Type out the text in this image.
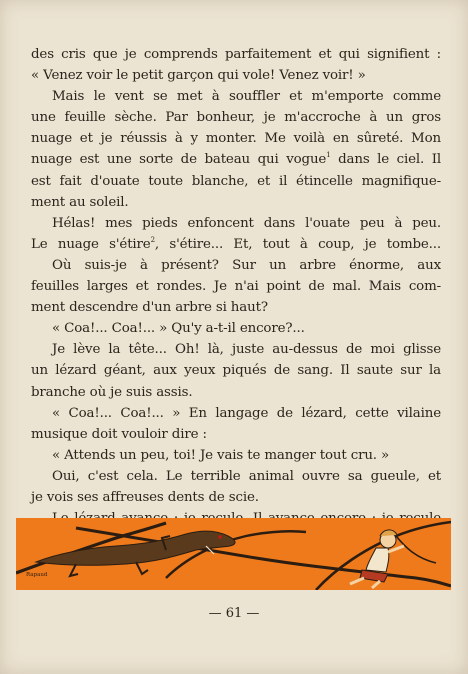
des cris que je comprends parfaitement et qui signifient :
« Venez voir le petit garçon qui vole! Venez voir! »
Mais le vent se met à souffler et m'emporte comme
une feuille sèche. Par bonheur, je m'accroche à un gros
nuage et je réussis à y monter. Me voilà en sûreté. Mon
nuage est une sorte de bateau qui vogue$^1$ dans le ciel. Il
est fait d'ouate toute blanche, et il étincelle magnifique-
ment au soleil.
Hélas! mes pieds enfoncent dans l'ouate peu à peu.
Le nuage s'étire$^2$, s'étire... Et, tout à coup, je tombe...
Où suis-je à présent? Sur un arbre énorme, aux
feuilles larges et rondes. Je n'ai point de mal. Mais com-
ment descendre d'un arbre si haut?
« Coa!... Coa!... » Qu'y a-t-il encore?...
Je lève la tête... Oh! là, juste au-dessus de moi glisse
un lézard géant, aux yeux piqués de sang. Il saute sur la
branche où je suis assis.
« Coa!... Coa!... » En langage de lézard, cette vilaine
musique doit vouloir dire :
« Attends un peu, toi! Je vais te manger tout cru. »
Oui, c'est cela. Le terrible animal ouvre sa gueule, et
je vois ses affreuses dents de scie.
Rapaud
— 61 —
